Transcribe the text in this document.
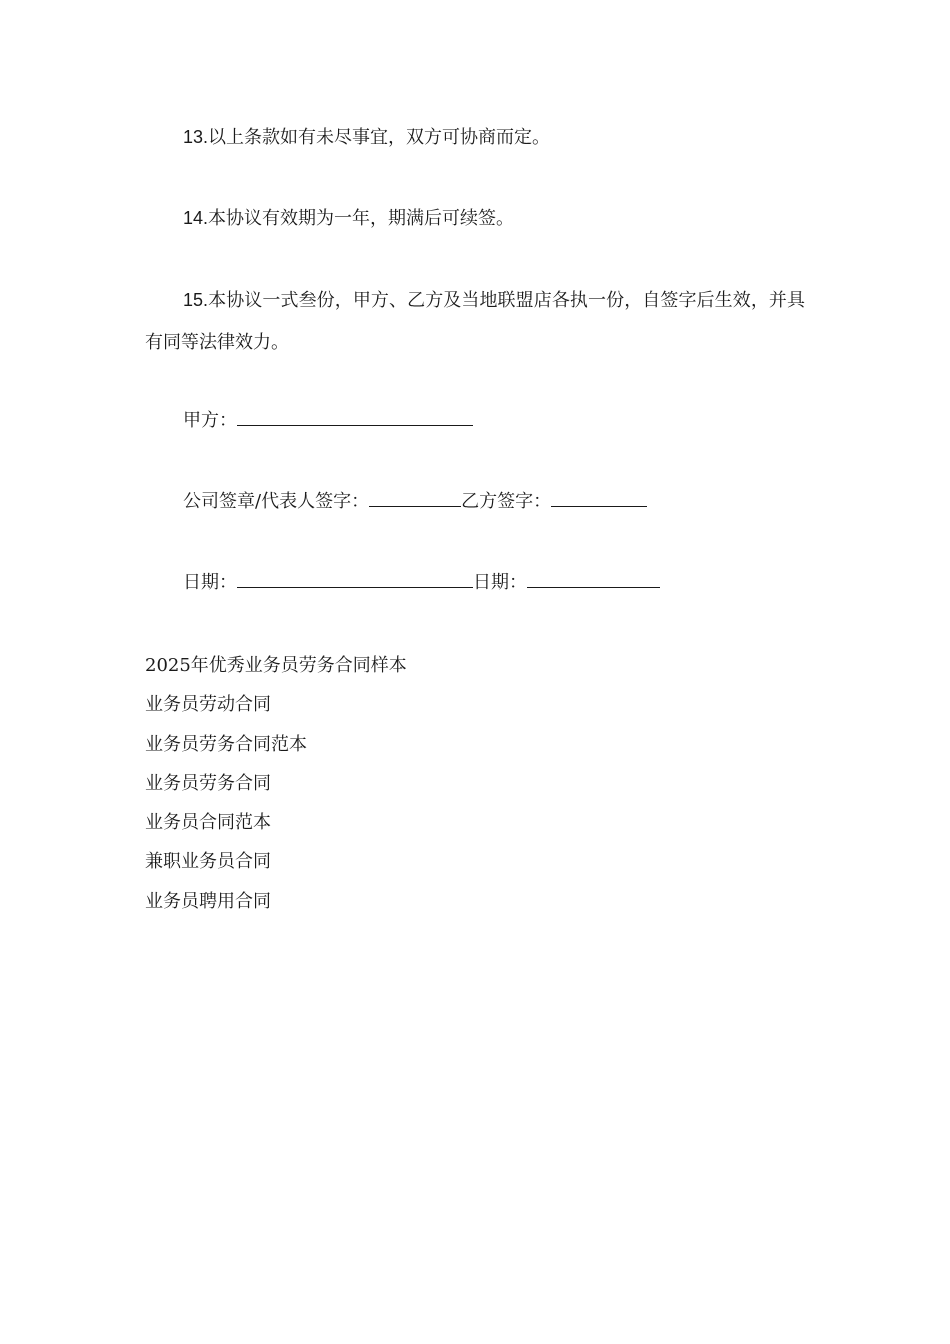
13.以上条款如有未尽事宜，双方可协商而定。

14.本协议有效期为一年，期满后可续签。

15.本协议一式叁份，甲方、乙方及当地联盟店各执一份，自签字后生效，并具有同等法律效力。

甲方：

公司签章/代表人签字：	乙方签字：

日期：	日期：

2025年优秀业务员劳务合同样本
业务员劳动合同
业务员劳务合同范本
业务员劳务合同
业务员合同范本
兼职业务员合同
业务员聘用合同
